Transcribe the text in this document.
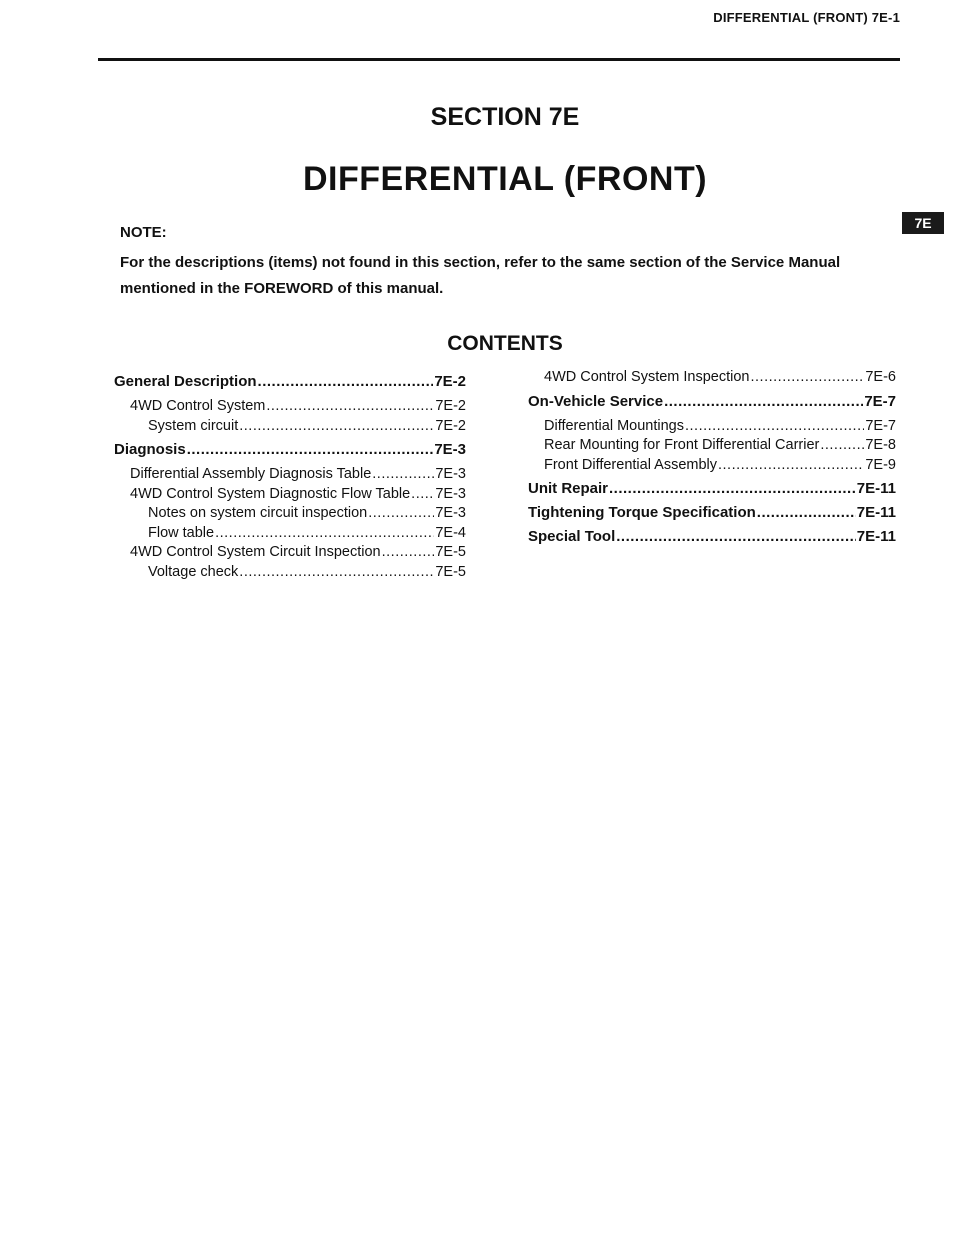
DIFFERENTIAL (FRONT) 7E-1
7E
SECTION 7E
DIFFERENTIAL (FRONT)
NOTE:
For the descriptions (items) not found in this section, refer to the same section of the Service Manual mentioned in the FOREWORD of this manual.
CONTENTS
General Description .....	7E-2
4WD Control System .....	7E-2
System circuit .....	7E-2
Diagnosis .....	7E-3
Differential Assembly Diagnosis Table .....	7E-3
4WD Control System Diagnostic Flow Table ..... 7E-3
Notes on system circuit inspection .....	7E-3
Flow table .....	7E-4
4WD Control System Circuit Inspection .....	7E-5
Voltage check .....	7E-5
4WD Control System Inspection .....	7E-6
On-Vehicle Service .....	7E-7
Differential Mountings .....	7E-7
Rear Mounting for Front Differential Carrier .....	7E-8
Front Differential Assembly .....	7E-9
Unit Repair .....	7E-11
Tightening Torque Specification .....	7E-11
Special Tool .....	7E-11
